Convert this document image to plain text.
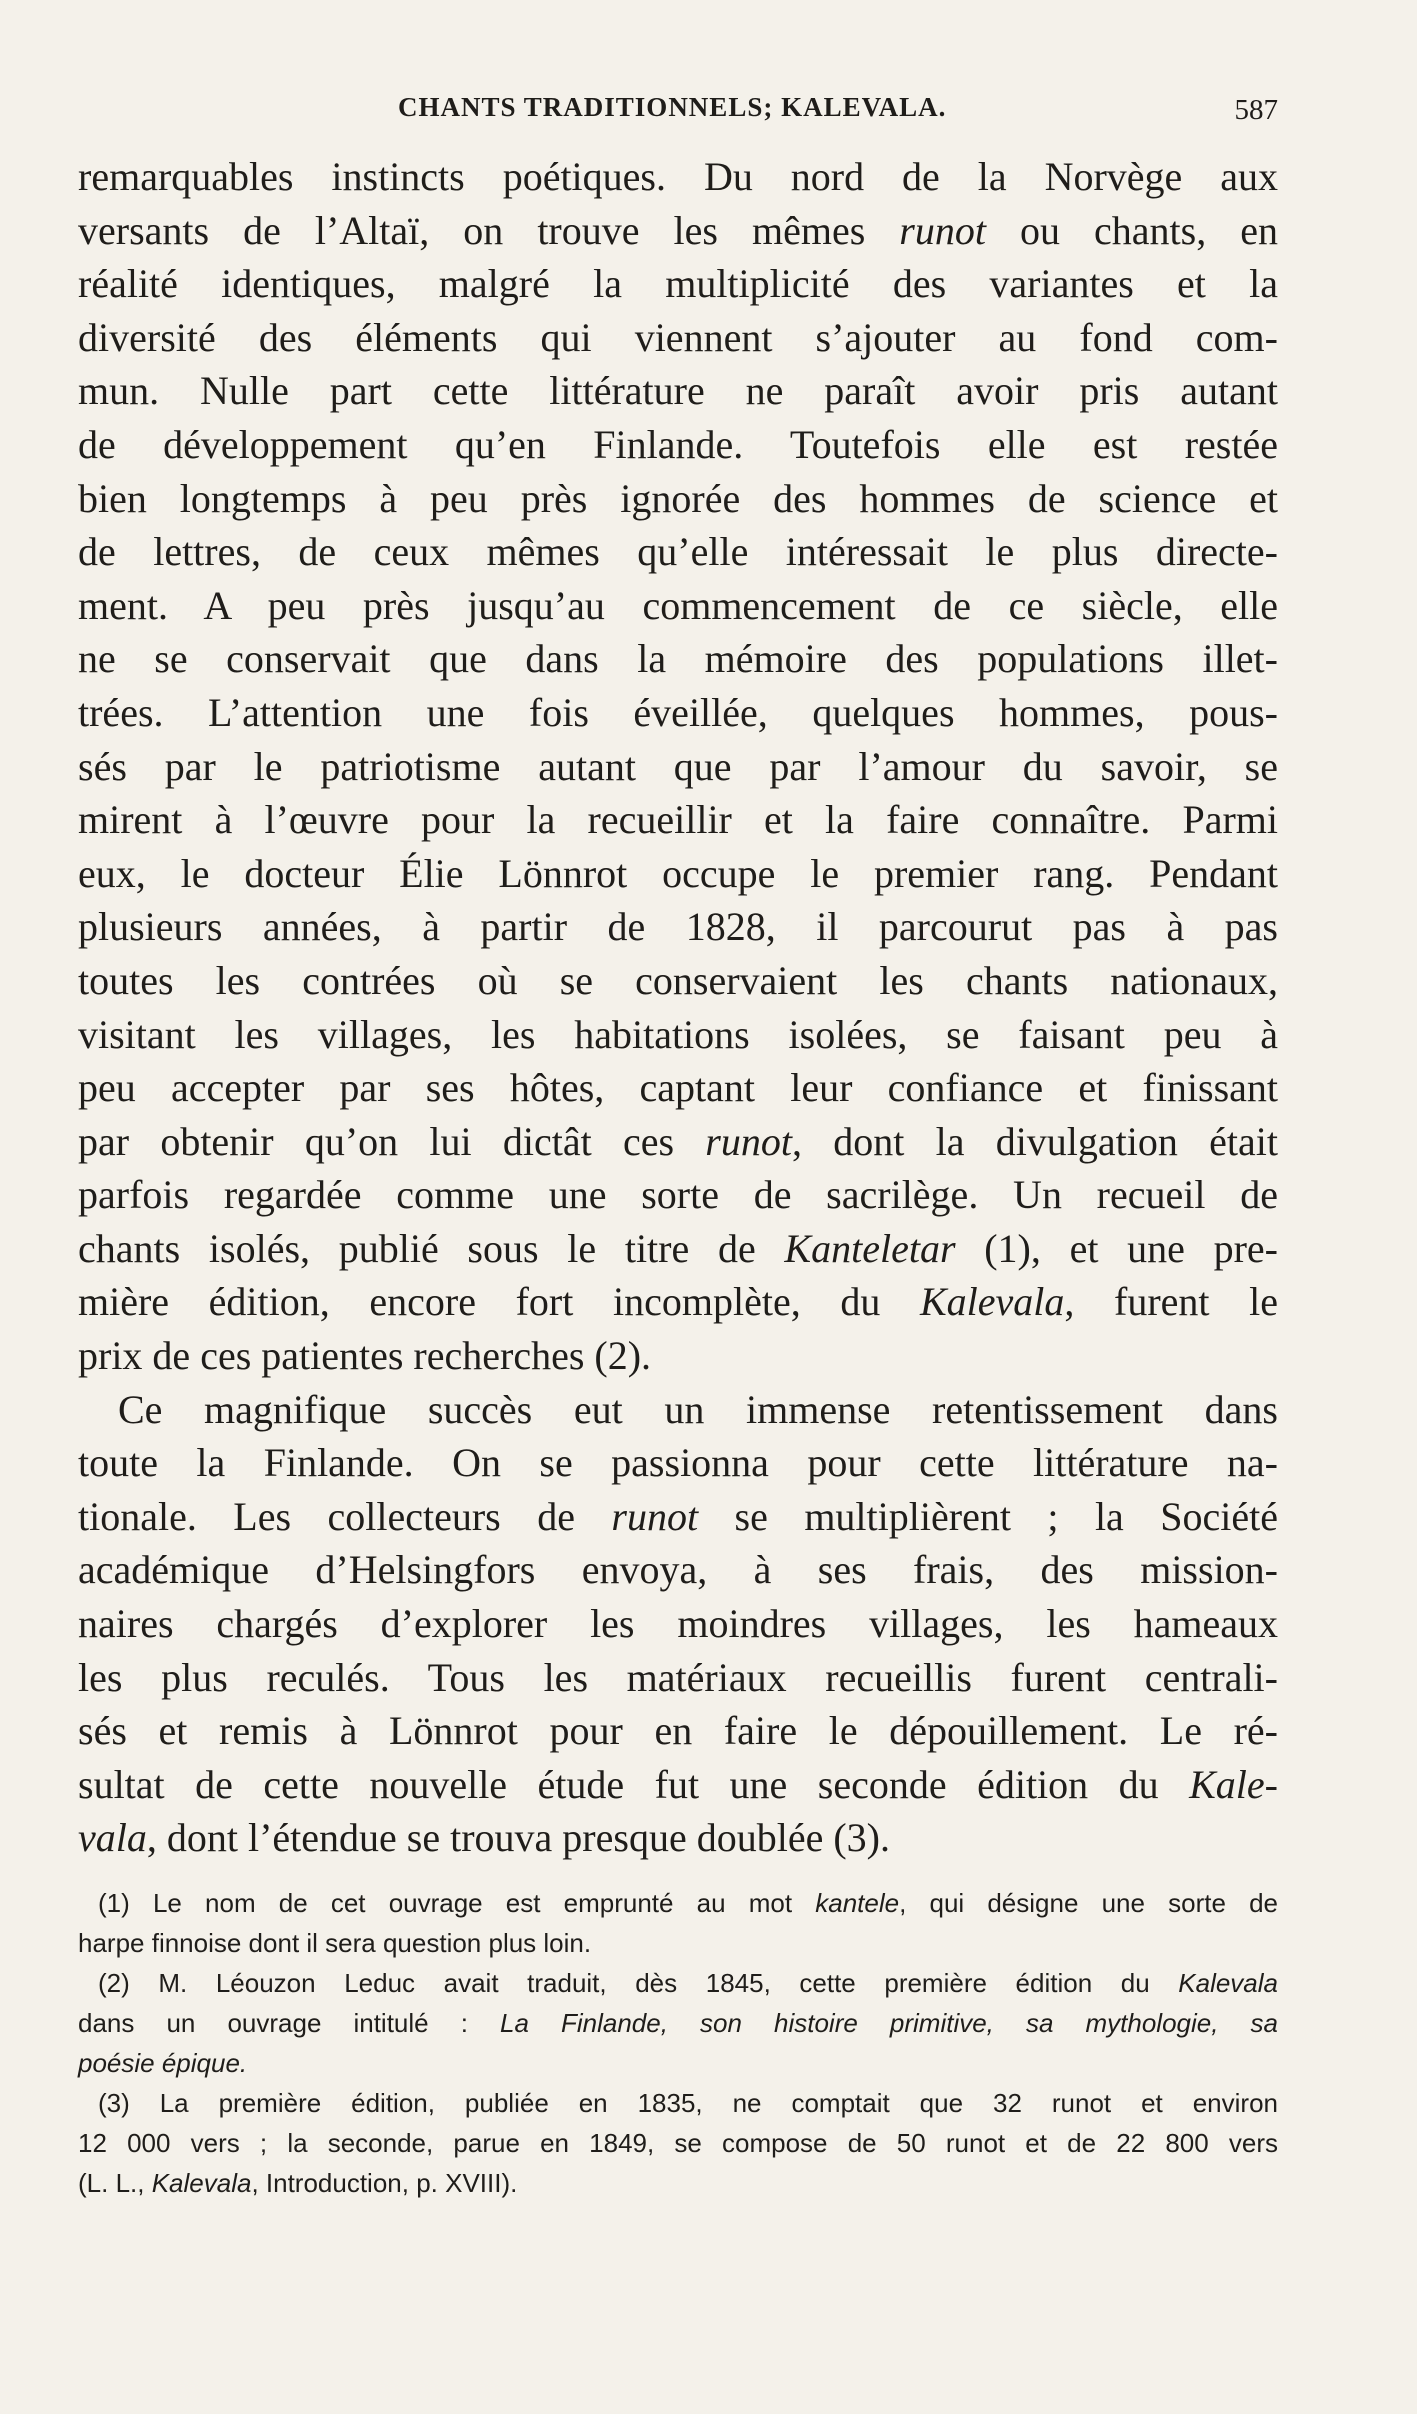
CHANTS TRADITIONNELS; KALEVALA.	587
remarquables instincts poétiques. Du nord de la Norvège aux
versants de l’Altaï, on trouve les mêmes runot ou chants, en
réalité identiques, malgré la multiplicité des variantes et la
diversité des éléments qui viennent s’ajouter au fond com-
mun. Nulle part cette littérature ne paraît avoir pris autant
de développement qu’en Finlande. Toutefois elle est restée
bien longtemps à peu près ignorée des hommes de science et
de lettres, de ceux mêmes qu’elle intéressait le plus directe-
ment. A peu près jusqu’au commencement de ce siècle, elle
ne se conservait que dans la mémoire des populations illet-
trées. L’attention une fois éveillée, quelques hommes, pous-
sés par le patriotisme autant que par l’amour du savoir, se
mirent à l’œuvre pour la recueillir et la faire connaître. Parmi
eux, le docteur Élie Lönnrot occupe le premier rang. Pendant
plusieurs années, à partir de 1828, il parcourut pas à pas
toutes les contrées où se conservaient les chants nationaux,
visitant les villages, les habitations isolées, se faisant peu à
peu accepter par ses hôtes, captant leur confiance et finissant
par obtenir qu’on lui dictât ces runot, dont la divulgation était
parfois regardée comme une sorte de sacrilège. Un recueil de
chants isolés, publié sous le titre de Kanteletar (1), et une pre-
mière édition, encore fort incomplète, du Kalevala, furent le
prix de ces patientes recherches (2).
Ce magnifique succès eut un immense retentissement dans
toute la Finlande. On se passionna pour cette littérature na-
tionale. Les collecteurs de runot se multiplièrent ; la Société
académique d’Helsingfors envoya, à ses frais, des mission-
naires chargés d’explorer les moindres villages, les hameaux
les plus reculés. Tous les matériaux recueillis furent centrali-
sés et remis à Lönnrot pour en faire le dépouillement. Le ré-
sultat de cette nouvelle étude fut une seconde édition du Kale-
vala, dont l’étendue se trouva presque doublée (3).
(1) Le nom de cet ouvrage est emprunté au mot kantele, qui désigne une sorte de
harpe finnoise dont il sera question plus loin.
(2) M. Léouzon Leduc avait traduit, dès 1845, cette première édition du Kalevala
dans un ouvrage intitulé : La Finlande, son histoire primitive, sa mythologie, sa
poésie épique.
(3) La première édition, publiée en 1835, ne comptait que 32 runot et environ
12 000 vers ; la seconde, parue en 1849, se compose de 50 runot et de 22 800 vers
(L. L., Kalevala, Introduction, p. XVIII).
